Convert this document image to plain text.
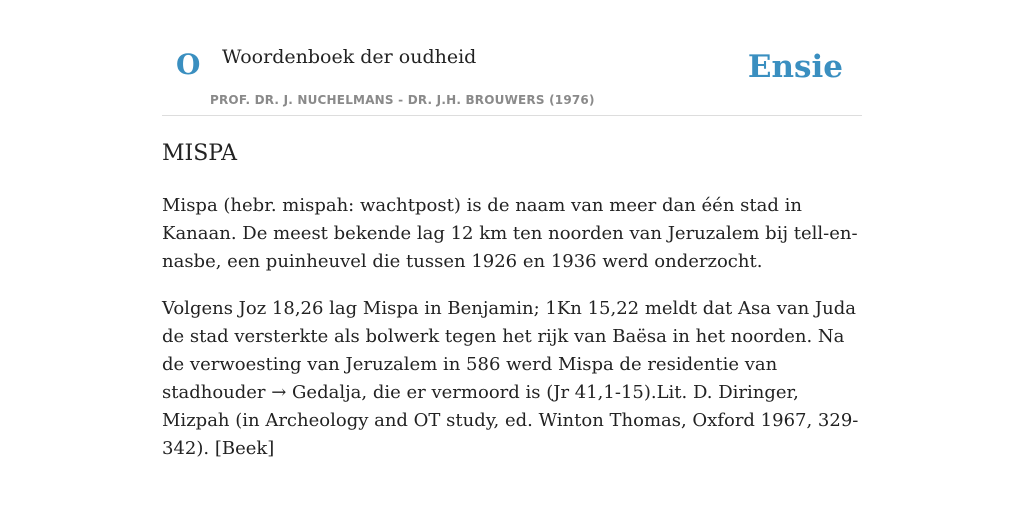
O Woordenboek der oudheid	Ensie
PROF. DR. J. NUCHELMANS - DR. J.H. BROUWERS (1976)
MISPA

Mispa (hebr. mispah: wachtpost) is de naam van meer dan één stad in Kanaan. De meest bekende lag 12 km ten noorden van Jeruzalem bij tell-en-nasbe, een puinheuvel die tussen 1926 en 1936 werd onderzocht.

Volgens Joz 18,26 lag Mispa in Benjamin; 1Kn 15,22 meldt dat Asa van Juda de stad versterkte als bolwerk tegen het rijk van Baësa in het noorden. Na de verwoesting van Jeruzalem in 586 werd Mispa de residentie van stadhouder → Gedalja, die er vermoord is (Jr 41,1-15).Lit. D. Diringer, Mizpah (in Archeology and OT study, ed. Winton Thomas, Oxford 1967, 329-342). [Beek]
